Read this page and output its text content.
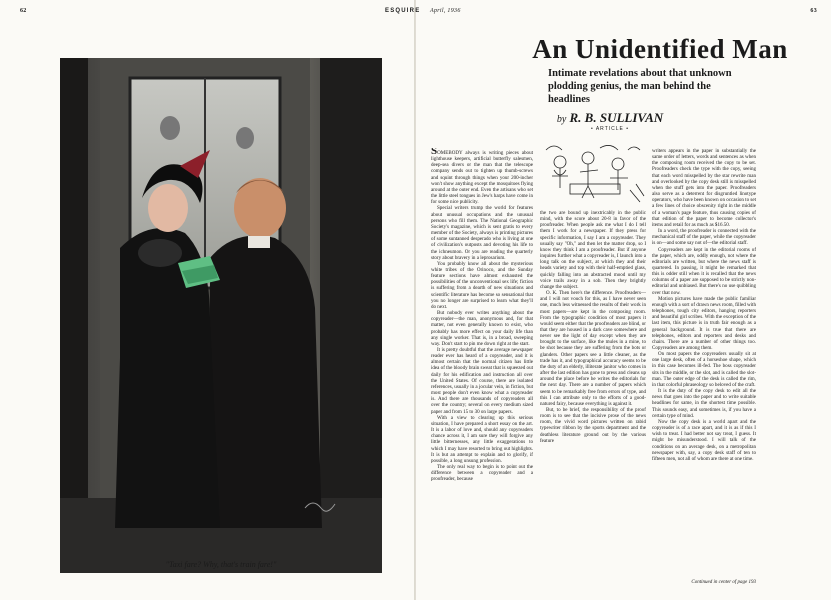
62	ESQUIRE April, 1936	63
"Taxi fare? Why, that's train fare!"
An Unidentified Man
Intimate revelations about that unknown plodding genius, the man behind the headlines
by R. B. SULLIVAN
• ARTICLE •

SOMEBODY always is writing pieces about lighthouse keepers, artificial butterfly salesmen, deep-sea divers or the man that the telescope company sends out to tighten up thumb-screws and squint through things when your 200-incher won't show anything except the mosquitoes flying around at the outer end. Even the artisans who set the little steel tongues in Jew's harps have come in for some nice publicity.

Special writers trump the world for features about unusual occupations and the unusual persons who fill them. The National Geographic Society's magazine, which is sent gratis to every member of the Society, always is printing pictures of some suntanned desperado who is living at one of civilization's outposts and devoting his life to the ichneumon. Or you are reading the quarterly story about bravery in a leprosarium.

You probably know all about the mysterious white tribes of the Orinoco, and the Sunday feature sections have almost exhausted the possibilities of the unconventional sex life; fiction is suffering from a dearth of new situations and scientific literature has become so sensational that you no longer are surprised to learn what they'll do next.

But nobody ever writes anything about the copyreader—the man, anonymous and, for that matter, not even generally known to exist, who probably has more effect on your daily life than any single worker. That is, in a broad, sweeping way. Don't start to pin me down right at the start.

It is pretty doubtful that the average newspaper reader ever has heard of a copyreader, and it is almost certain that the normal citizen has little idea of the bloody brain sweat that is squeezed out daily for his edification and instruction all over the United States. Of course, there are isolated references, usually in a jocular vein, in fiction, but most people don't even know what a copyreader is. And there are thousands of copyreaders all over the country; several on every medium sized paper and from 15 to 30 on large papers.

With a view to clearing up this serious situation, I have prepared a short essay on the art. It is a labor of love and, should any copyreaders chance across it, I am sure they will forgive any little bitternesses, any little exaggerations to which I may have resorted to bring out highlights. It is but an attempt to explain and to glorify, if possible, a long unsung profession.

The only real way to begin is to point out the difference between a copyreader and a proofreader, because

the two are bound up inextricably in the public mind, with the score about 20-8 in favor of the proofreader. When people ask me what I do I tell them I work for a newspaper. If they press for specific information, I say I am a copyreader. They usually say "Oh," and then let the matter drop, so I know they think I am a proofreader. But if anyone inquires further what a copyreader is, I launch into a long talk on the subject, at which they and their heads variety and top with their half-emptied glass, quickly falling into an abstracted mood until my voice trails away in a sob. Then they brightly change the subject.

O. K. Then here's the difference. Proofreaders—and I will not vouch for this, as I have never seen one, much less witnessed the results of their work in most papers—are kept in the composing room. From the typographic condition of most papers it would seem either that the proofreaders are blind, or that they are housed in a dark cave somewhere and never see the light of day except when they are brought to the surface, like the mules in a mine, to be shot because they are suffering from the bots or glanders. Other papers see a little cleaner, as the trade has it, and typographical accuracy seems to be the duty of an elderly, illiterate janitor who comes in after the last edition has gone to press and cleans up around the place before he writes the editorials for the next day. There are a number of papers which seem to be remarkably free from errors of type, and this I can attribute only to the efforts of a good-natured fairy, because everything is against it.

But, to be brief, the responsibility of the proof room is to see that the incisive prose of the news room, the vivid word pictures written on rabid typewriter ribbon by the sports department and the deathless literature ground out by the various feature

writers appears in the paper in substantially the same order of letters, words and sentences as when the composing room received the copy to be set. Proofreaders check the type with the copy, seeing that each word misspelled by the star rewrite man and overlooked by the copy desk still is misspelled when the stuff gets into the paper. Proofreaders also serve as a deterrent for disgruntled linotype operators, who have been known on occasion to set a few lines of choice obscenity right in the middle of a woman's page feature, thus causing copies of that edition of the paper to become collector's items and retail for as much as $16.50.

In a word, the proofreader is connected with the mechanical staff of the paper, while the copyreader is on—and some say not of—the editorial staff.

Copyreaders are kept in the editorial rooms of the paper, which are, oddly enough, not where the editorials are written, but where the news staff is quartered. In passing, it might be remarked that this is odder still when it is recalled that the news columns of a paper are supposed to be strictly non-editorial and unbiased. But there's no use quibbling over that now.

Motion pictures have made the public familiar enough with a sort of drawn news room, filled with telephones, tough city editors, hanging reporters and beautiful girl scribes. With the exception of the last item, this picture is in truth fair enough as a general background. It is true that there are telephones, editors and reporters and desks and chairs. There are a number of other things too. Copyreaders are among them.

On most papers the copyreaders usually sit at one large desk, often of a horseshoe shape, which in this case becomes ill-fed. The boss copyreader sits in the middle, or the slot, and is called the slot-man. The outer edge of the desk is called the rim, in that colorful phraseology so beloved of the craft.

It is the duty of the copy desk to edit all the news that goes into the paper and to write suitable headlines for same, in the shortest time possible. This sounds easy, and sometimes is, if you have a certain type of mind.

Now the copy desk is a world apart and the copyreader is of a race apart, and it is as if this I wish to treat. I had better not say treat, I guess. It might be misunderstood. I will talk of the conditions on an average desk, on a metropolitan newspaper with, say, a copy desk staff of ten to fifteen men, not all of whom are there at one time.

Continued in center of page 193
